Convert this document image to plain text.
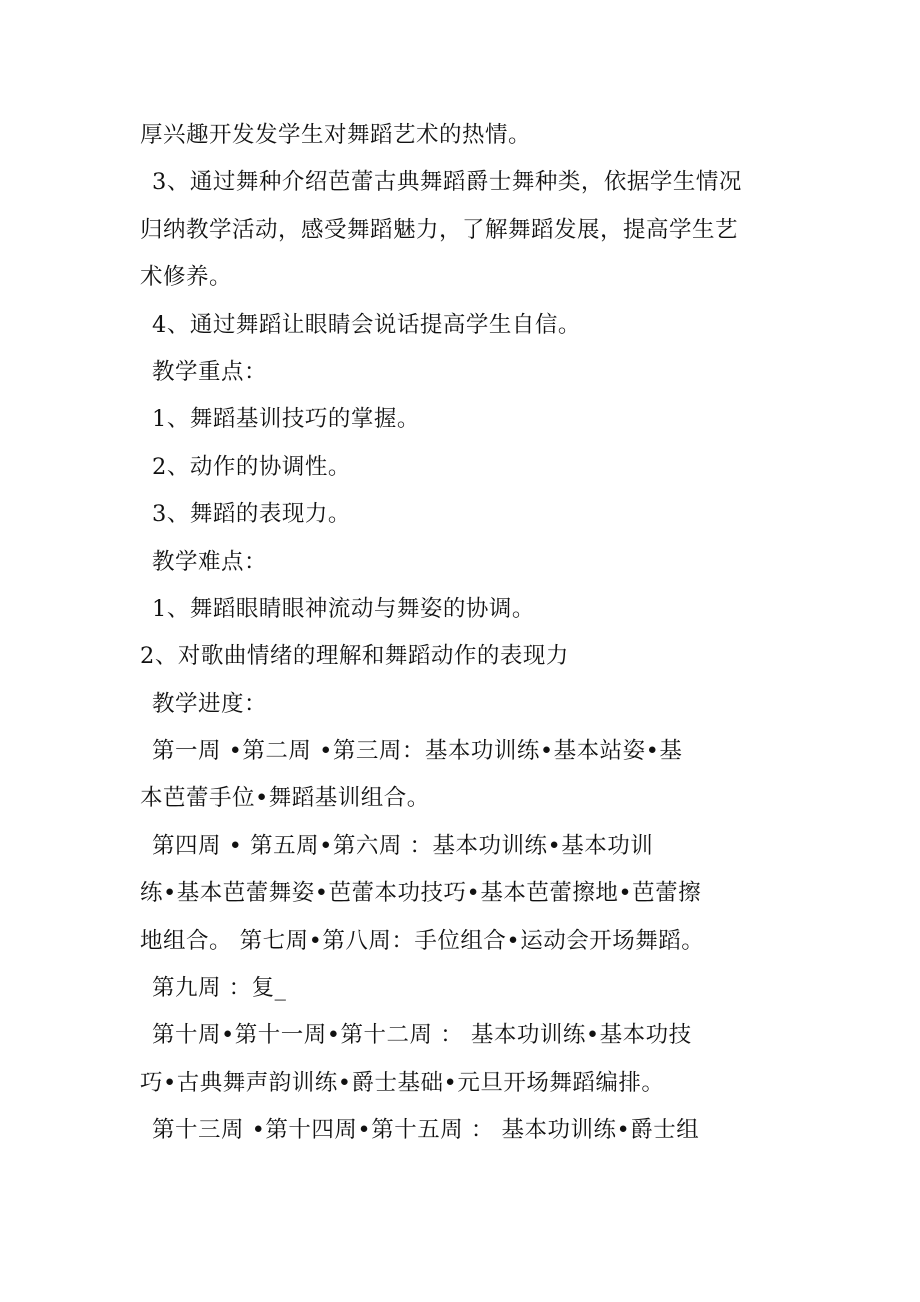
厚兴趣开发发学生对舞蹈艺术的热情。
3、通过舞种介绍芭蕾古典舞蹈爵士舞种类，依据学生情况
归纳教学活动，感受舞蹈魅力，了解舞蹈发展，提高学生艺
术修养。
4、通过舞蹈让眼睛会说话提高学生自信。
教学重点：
1、舞蹈基训技巧的掌握。
2、动作的协调性。
3、舞蹈的表现力。
教学难点：
1、舞蹈眼睛眼神流动与舞姿的协调。
2、对歌曲情绪的理解和舞蹈动作的表现力
教学进度：
第一周 •第二周 •第三周：基本功训练•基本站姿•基
本芭蕾手位•舞蹈基训组合。
第四周 • 第五周•第六周 ：基本功训练•基本功训
练•基本芭蕾舞姿•芭蕾本功技巧•基本芭蕾擦地•芭蕾擦
地组合。 第七周•第八周：手位组合•运动会开场舞蹈。
第九周 ：复_
第十周•第十一周•第十二周 ： 基本功训练•基本功技
巧•古典舞声韵训练•爵士基础•元旦开场舞蹈编排。
第十三周 •第十四周•第十五周 ： 基本功训练•爵士组
